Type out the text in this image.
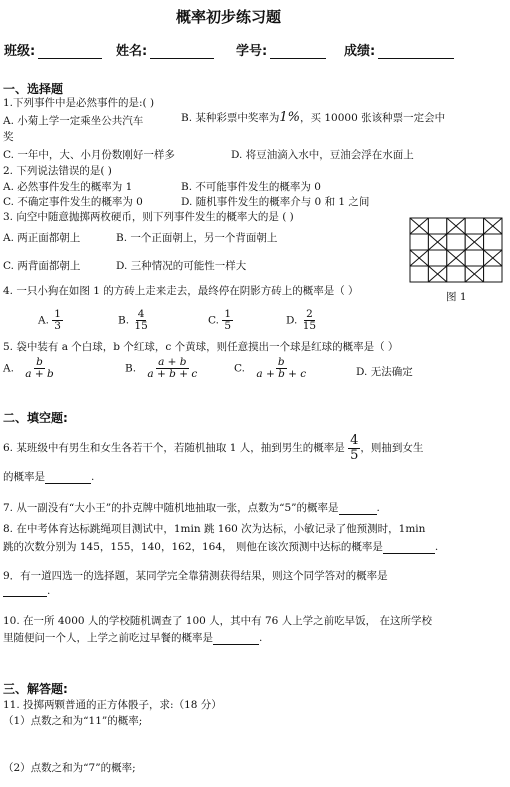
概率初步练习题
班级:	姓名:	学号:	成绩:
一、选择题
1.下列事件中是必然事件的是:( )
A. 小菊上学一定乘坐公共汽车	B. 某种彩票中奖率为1%，买 10000 张该种票一定会中
奖
C. 一年中，大、小月份数刚好一样多	D. 将豆油滴入水中，豆油会浮在水面上
2. 下列说法错误的是( )
A. 必然事件发生的概率为 1	B. 不可能事件发生的概率为 0
C. 不确定事件发生的概率为 0	D. 随机事件发生的概率介与 0 和 1 之间
3. 向空中随意抛掷两枚硬币，则下列事件发生的概率大的是 ( )
A. 两正面都朝上	B. 一个正面朝上，另一个背面朝上
C. 两背面都朝上	D. 三种情况的可能性一样大
图 1
4. 一只小狗在如图 1 的方砖上走来走去，最终停在阴影方砖上的概率是（ ）
A. $\frac{1}{3}$	B. $\frac{4}{15}$	C. $\frac{1}{5}$	D. $\frac{2}{15}$
5. 袋中装有 a 个白球，b 个红球，c 个黄球，则任意摸出一个球是红球的概率是（ ）
A. $\frac{b}{a + b}$	B. $\frac{a + b}{a + b + c}$	C. $\frac{b}{a + b + c}$	D. 无法确定
二、填空题:
6. 某班级中有男生和女生各若干个，若随机抽取 1 人，抽到男生的概率是 $\frac{4}{5}$ ，则抽到女生
的概率是	.
7. 从一副没有“大小王”的扑克牌中随机地抽取一张，点数为“5”的概率是	.
8. 在中考体育达标跳绳项目测试中，1min 跳 160 次为达标，小敏记录了他预测时，1min
跳的次数分别为 145，155，140，162，164， 则他在该次预测中达标的概率是	.
9．有一道四选一的选择题，某同学完全靠猜测获得结果，则这个同学答对的概率是
.
10. 在一所 4000 人的学校随机调查了 100 人，其中有 76 人上学之前吃早饭， 在这所学校
里随便问一个人，上学之前吃过早餐的概率是	.
三、解答题:
11. 投掷两颗普通的正方体骰子，求:（18 分）
（1）点数之和为“11”的概率;
（2）点数之和为“7”的概率;
